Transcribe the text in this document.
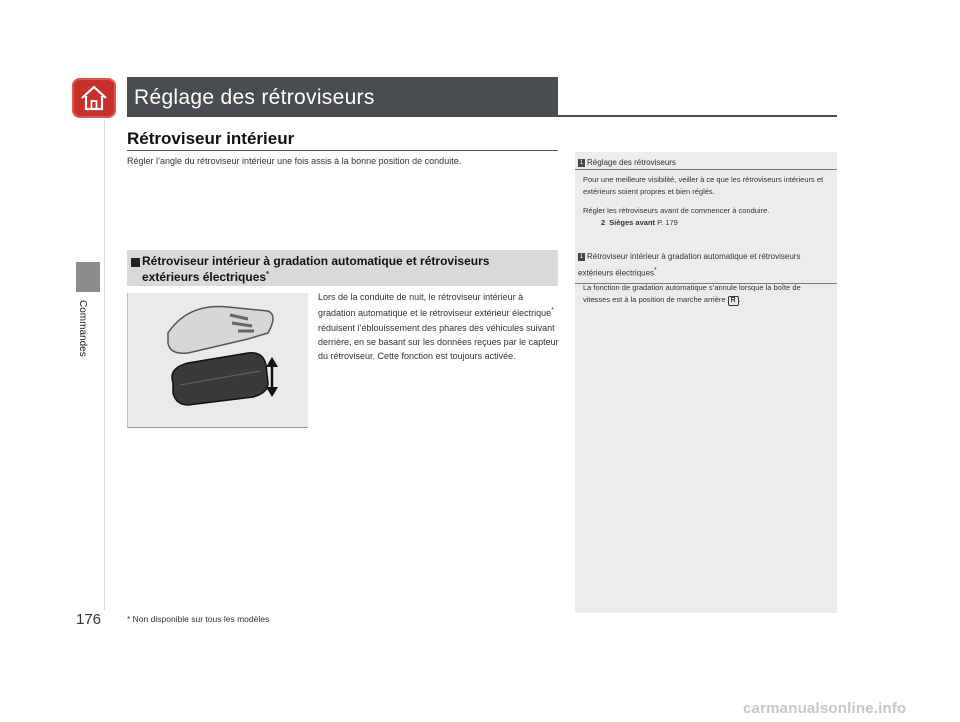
Réglage des rétroviseurs
Commandes
Rétroviseur intérieur
Régler l’angle du rétroviseur intérieur une fois assis à la bonne position de conduite.
Rétroviseur intérieur à gradation automatique et rétroviseurs
extérieurs électriques*
Lors de la conduite de nuit, le rétroviseur intérieur à gradation automatique et le rétroviseur extérieur électrique* réduisent l’éblouissement des phares des véhicules suivant derrière, en se basant sur les données reçues par le capteur du rétroviseur. Cette fonction est toujours activée.
1 Réglage des rétroviseurs
Pour une meilleure visibilité, veiller à ce que les rétroviseurs intérieurs et extérieurs soient propres et bien réglés.
Régler les rétroviseurs avant de commencer à conduire.
2 Sièges avant P. 179
1 Rétroviseur intérieur à gradation automatique et rétroviseurs
extérieurs électriques*
La fonction de gradation automatique s’annule lorsque la boîte de vitesses est à la position de marche arrière R .
176	* Non disponible sur tous les modèles
carmanualsonline.info
